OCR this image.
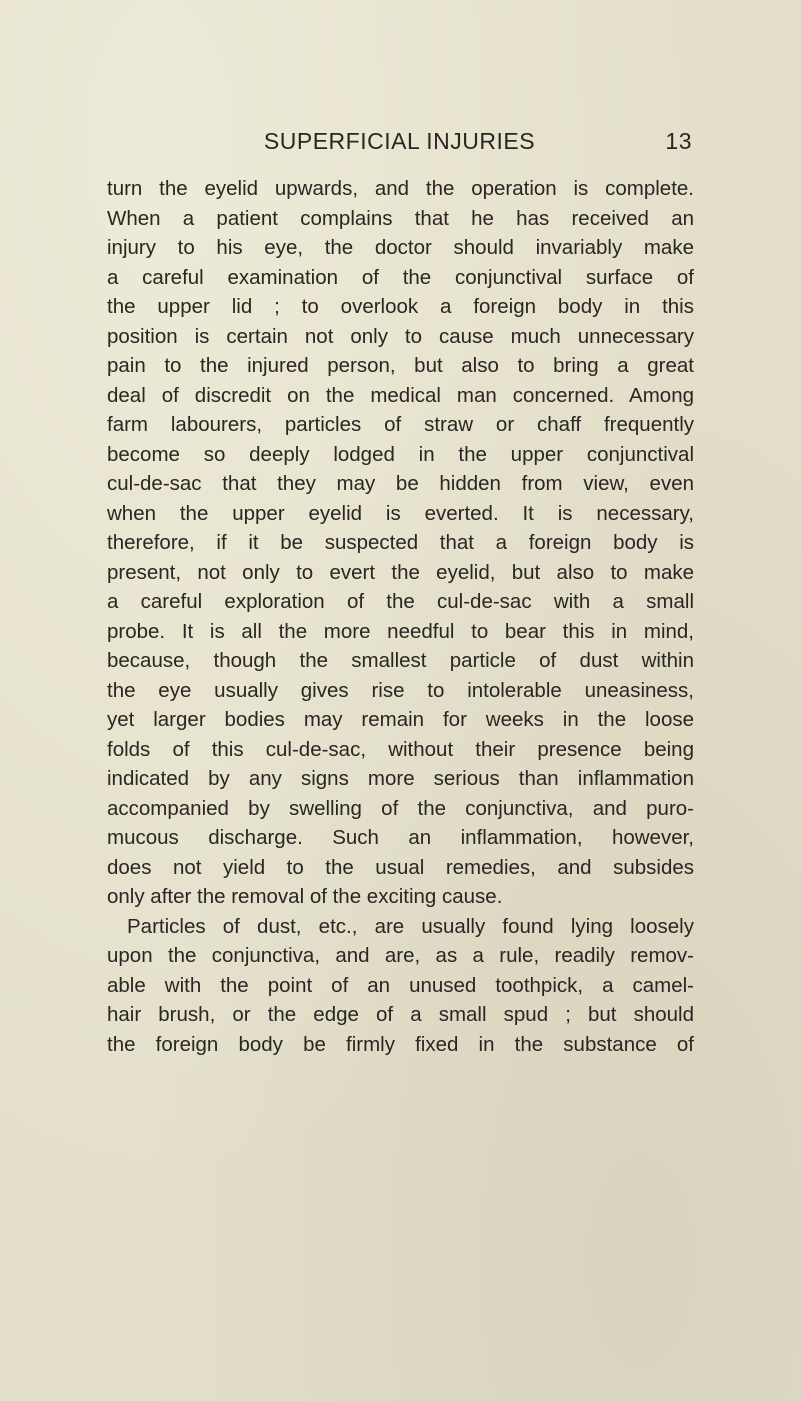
SUPERFICIAL INJURIES	13
turn the eyelid upwards, and the operation is complete.
When a patient complains that he has received an
injury to his eye, the doctor should invariably make
a careful examination of the conjunctival surface of
the upper lid ; to overlook a foreign body in this
position is certain not only to cause much unnecessary
pain to the injured person, but also to bring a great
deal of discredit on the medical man concerned. Among
farm labourers, particles of straw or chaff frequently
become so deeply lodged in the upper conjunctival
cul-de-sac that they may be hidden from view, even
when the upper eyelid is everted. It is necessary,
therefore, if it be suspected that a foreign body is
present, not only to evert the eyelid, but also to make
a careful exploration of the cul-de-sac with a small
probe. It is all the more needful to bear this in mind,
because, though the smallest particle of dust within
the eye usually gives rise to intolerable uneasiness,
yet larger bodies may remain for weeks in the loose
folds of this cul-de-sac, without their presence being
indicated by any signs more serious than inflammation
accompanied by swelling of the conjunctiva, and puro-
mucous discharge. Such an inflammation, however,
does not yield to the usual remedies, and subsides
only after the removal of the exciting cause.
Particles of dust, etc., are usually found lying loosely
upon the conjunctiva, and are, as a rule, readily remov-
able with the point of an unused toothpick, a camel-
hair brush, or the edge of a small spud ; but should
the foreign body be firmly fixed in the substance of
